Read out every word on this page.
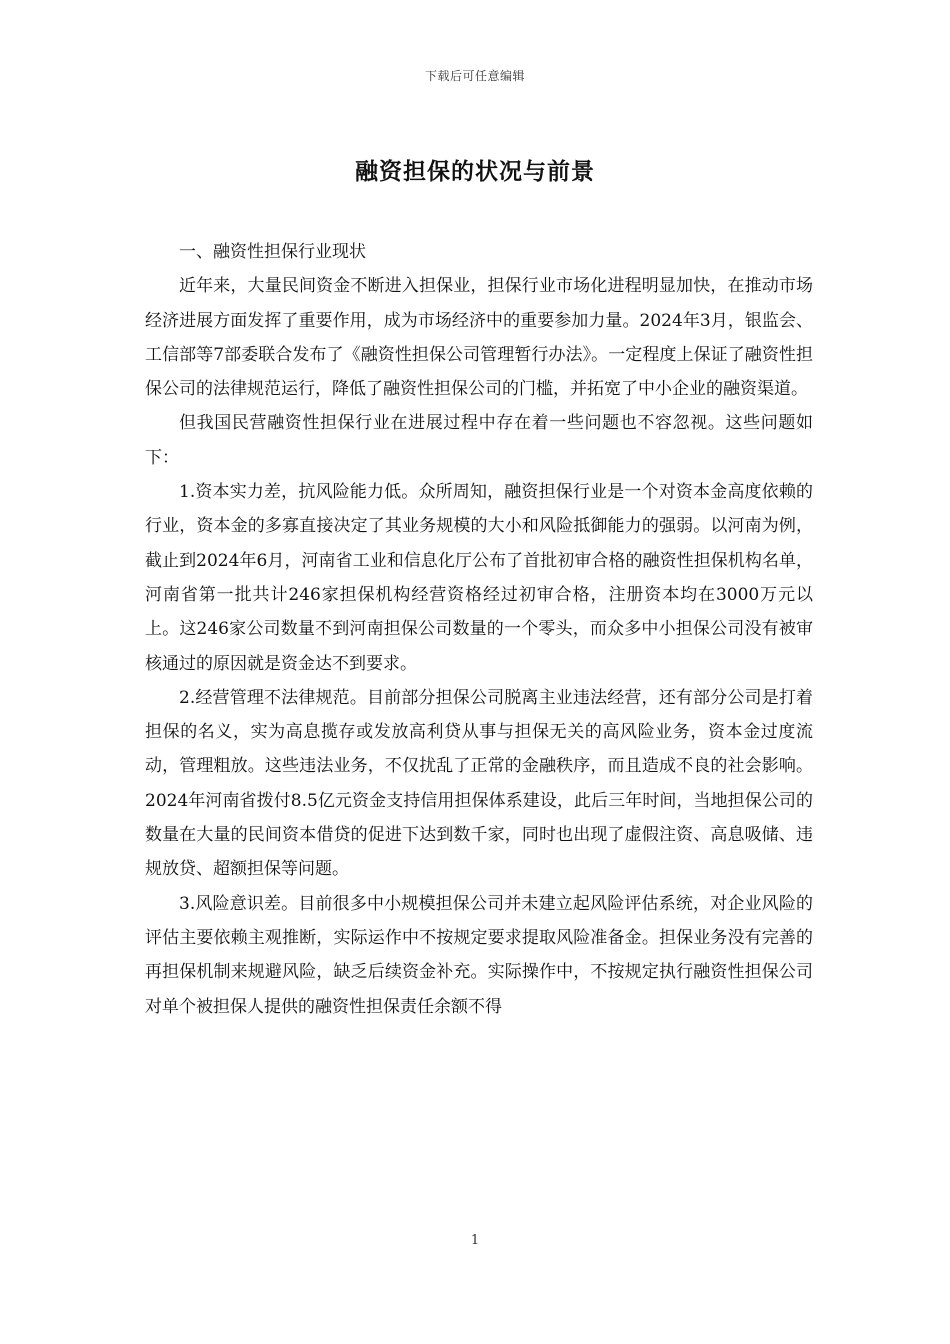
下载后可任意编辑
融资担保的状况与前景

一、融资性担保行业现状

近年来，大量民间资金不断进入担保业，担保行业市场化进程明显加快，在推动市场经济进展方面发挥了重要作用，成为市场经济中的重要参加力量。2024年3月，银监会、工信部等7部委联合发布了《融资性担保公司管理暂行办法》。一定程度上保证了融资性担保公司的法律规范运行，降低了融资性担保公司的门槛，并拓宽了中小企业的融资渠道。

但我国民营融资性担保行业在进展过程中存在着一些问题也不容忽视。这些问题如下：

1.资本实力差，抗风险能力低。众所周知，融资担保行业是一个对资本金高度依赖的行业，资本金的多寡直接决定了其业务规模的大小和风险抵御能力的强弱。以河南为例，截止到2024年6月，河南省工业和信息化厅公布了首批初审合格的融资性担保机构名单，河南省第一批共计246家担保机构经营资格经过初审合格，注册资本均在3000万元以上。这246家公司数量不到河南担保公司数量的一个零头，而众多中小担保公司没有被审核通过的原因就是资金达不到要求。

2.经营管理不法律规范。目前部分担保公司脱离主业违法经营，还有部分公司是打着担保的名义，实为高息揽存或发放高利贷从事与担保无关的高风险业务，资本金过度流动，管理粗放。这些违法业务，不仅扰乱了正常的金融秩序，而且造成不良的社会影响。2024年河南省拨付8.5亿元资金支持信用担保体系建设，此后三年时间，当地担保公司的数量在大量的民间资本借贷的促进下达到数千家，同时也出现了虚假注资、高息吸储、违规放贷、超额担保等问题。

3.风险意识差。目前很多中小规模担保公司并未建立起风险评估系统，对企业风险的评估主要依赖主观推断，实际运作中不按规定要求提取风险准备金。担保业务没有完善的再担保机制来规避风险，缺乏后续资金补充。实际操作中，不按规定执行融资性担保公司对单个被担保人提供的融资性担保责任余额不得

1
